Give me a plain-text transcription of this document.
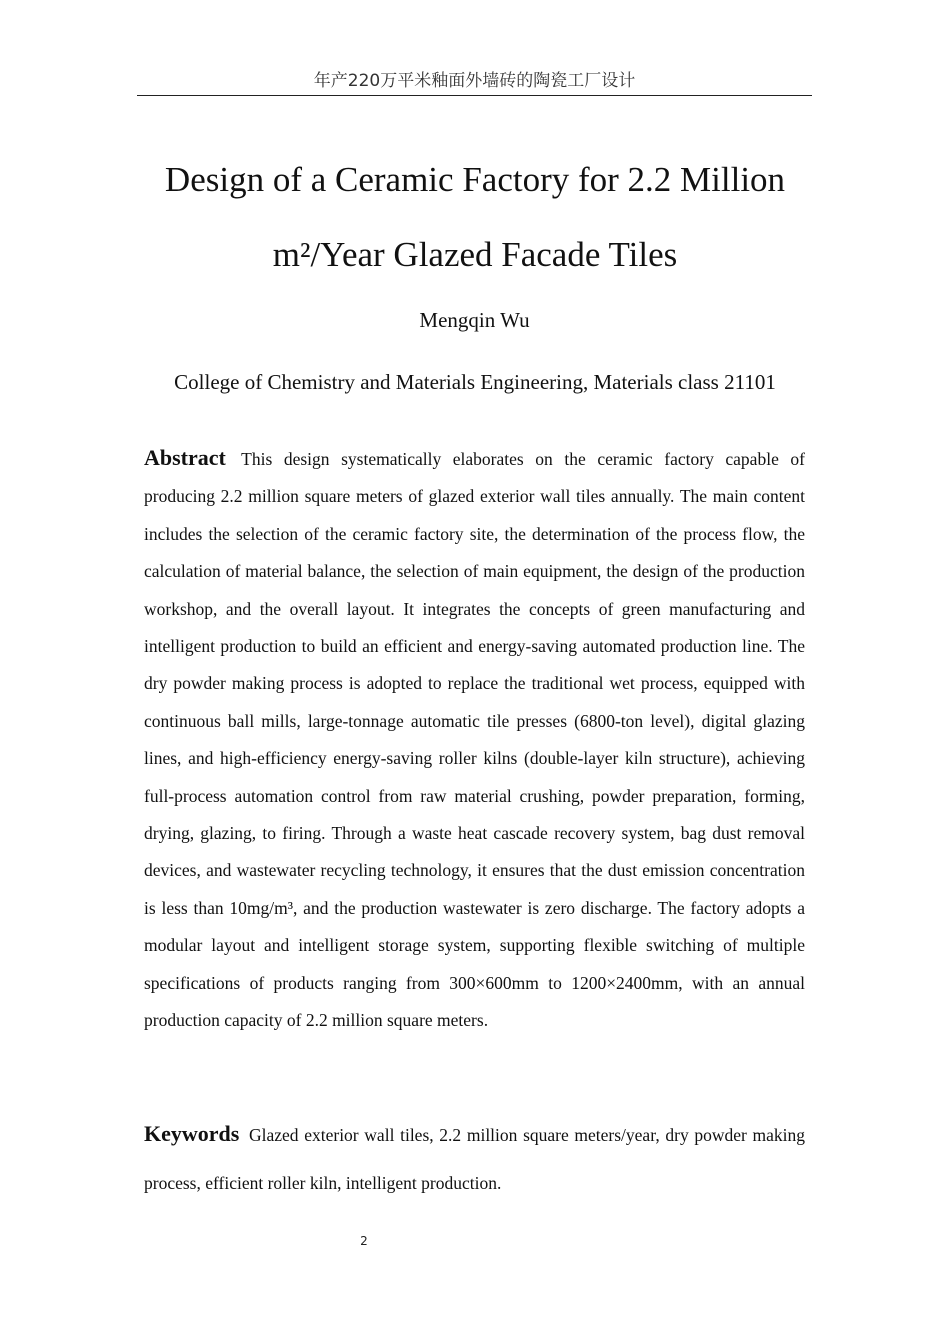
年产220万平米釉面外墙砖的陶瓷工厂设计
Design of a Ceramic Factory for 2.2 Million
m²/Year Glazed Facade Tiles
Mengqin Wu
College of Chemistry and Materials Engineering, Materials class 21101

Abstract This design systematically elaborates on the ceramic factory capable of producing 2.2 million square meters of glazed exterior wall tiles annually. The main content includes the selection of the ceramic factory site, the determination of the process flow, the calculation of material balance, the selection of main equipment, the design of the production workshop, and the overall layout. It integrates the concepts of green manufacturing and intelligent production to build an efficient and energy-saving automated production line. The dry powder making process is adopted to replace the traditional wet process, equipped with continuous ball mills, large-tonnage automatic tile presses (6800-ton level), digital glazing lines, and high-efficiency energy-saving roller kilns (double-layer kiln structure), achieving full-process automation control from raw material crushing, powder preparation, forming, drying, glazing, to firing. Through a waste heat cascade recovery system, bag dust removal devices, and wastewater recycling technology, it ensures that the dust emission concentration is less than 10mg/m³, and the production wastewater is zero discharge. The factory adopts a modular layout and intelligent storage system, supporting flexible switching of multiple specifications of products ranging from 300×600mm to 1200×2400mm, with an annual production capacity of 2.2 million square meters.

Keywords Glazed exterior wall tiles, 2.2 million square meters/year, dry powder making process, efficient roller kiln, intelligent production.

2
